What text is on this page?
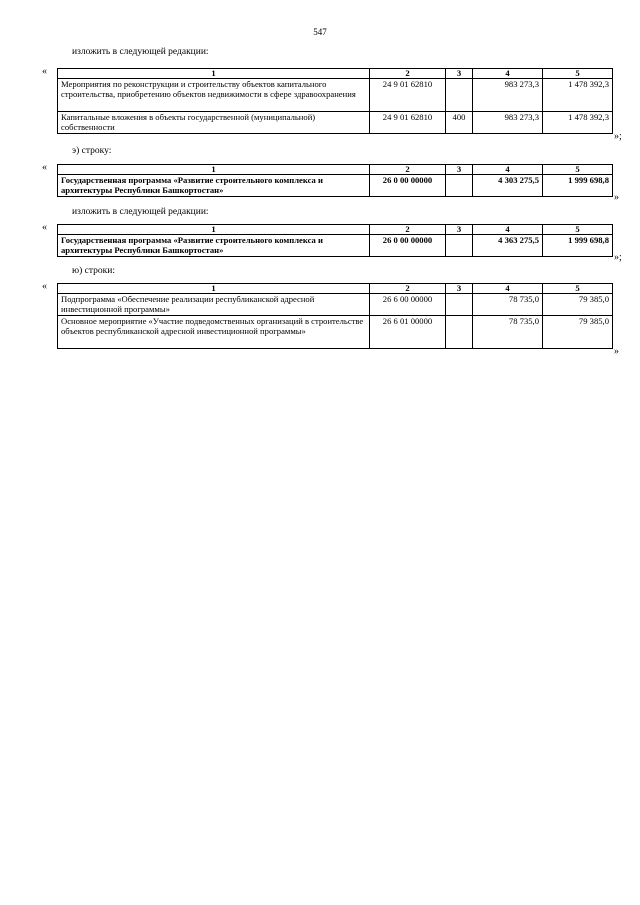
547
изложить в следующей редакции:
«	1	2	3	4	5
Мероприятия по реконструкции и строительству объектов капитального строительства, приобретению объектов недвижимости в сфере здравоохранения	24 9 01 62810		983 273,3	1 478 392,3
Капитальные вложения в объекты государственной (муниципальной) собственности	24 9 01 62810	400	983 273,3	1 478 392,3
»;
э) строку:
«	1	2	3	4	5
Государственная программа «Развитие строительного комплекса и архитектуры Республики Башкортостан»	26 0 00 00000		4 303 275,5	1 999 698,8
»
изложить в следующей редакции:
«	1	2	3	4	5
Государственная программа «Развитие строительного комплекса и архитектуры Республики Башкортостан»	26 0 00 00000		4 363 275,5	1 999 698,8
»;
ю) строки:
«	1	2	3	4	5
Подпрограмма «Обеспечение реализации республиканской адресной инвестиционной программы»	26 6 00 00000		78 735,0	79 385,0
Основное мероприятие «Участие подведомственных организаций в строительстве объектов республиканской адресной инвестиционной программы»	26 6 01 00000		78 735,0	79 385,0
»
